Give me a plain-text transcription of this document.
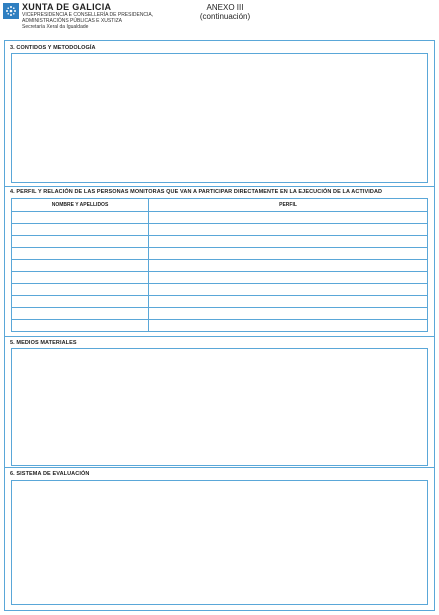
XUNTA DE GALICIA
VICEPRESIDENCIA E CONSELLERÍA DE PRESIDENCIA,
ADMINISTRACIÓNS PÚBLICAS E XUSTIZA
Secretaría Xeral da Igualdade
ANEXO III
(continuación)
3. CONTIDOS Y METODOLOGÍA
4. PERFIL Y RELACIÓN DE LAS PERSONAS MONITORAS QUE VAN A PARTICIPAR DIRECTAMENTE EN LA EJECUCIÓN DE LA ACTIVIDAD
NOMBRE Y APELLIDOS	PERFIL

5. MEDIOS MATERIALES
6. SISTEMA DE EVALUACIÓN
